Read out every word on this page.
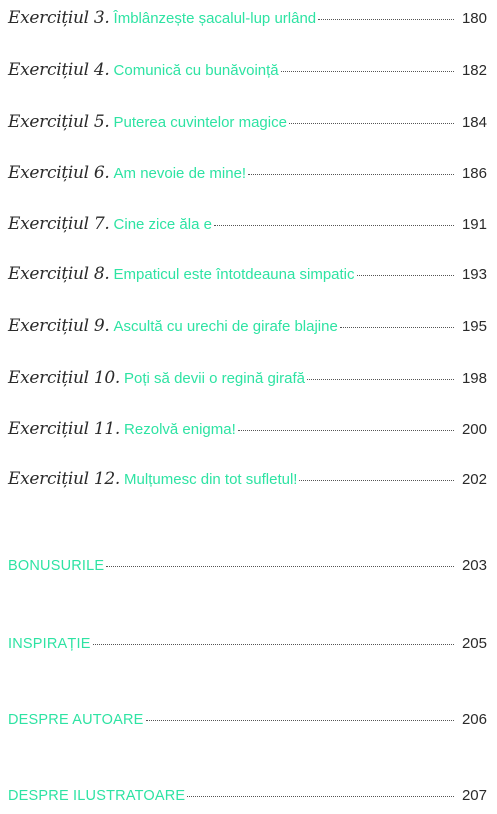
Exercițiul 3. Îmblânzește șacalul-lup urlând	180
Exercițiul 4. Comunică cu bunăvoință	182
Exercițiul 5. Puterea cuvintelor magice	184
Exercițiul 6. Am nevoie de mine!	186
Exercițiul 7. Cine zice ăla e	191
Exercițiul 8. Empaticul este întotdeauna simpatic	193
Exercițiul 9. Ascultă cu urechi de girafe blajine	195
Exercițiul 10. Poți să devii o regină girafă	198
Exercițiul 11. Rezolvă enigma!	200
Exercițiul 12. Mulțumesc din tot sufletul!	202
BONUSURILE	203
INSPIRAȚIE	205
DESPRE AUTOARE	206
DESPRE ILUSTRATOARE	207
